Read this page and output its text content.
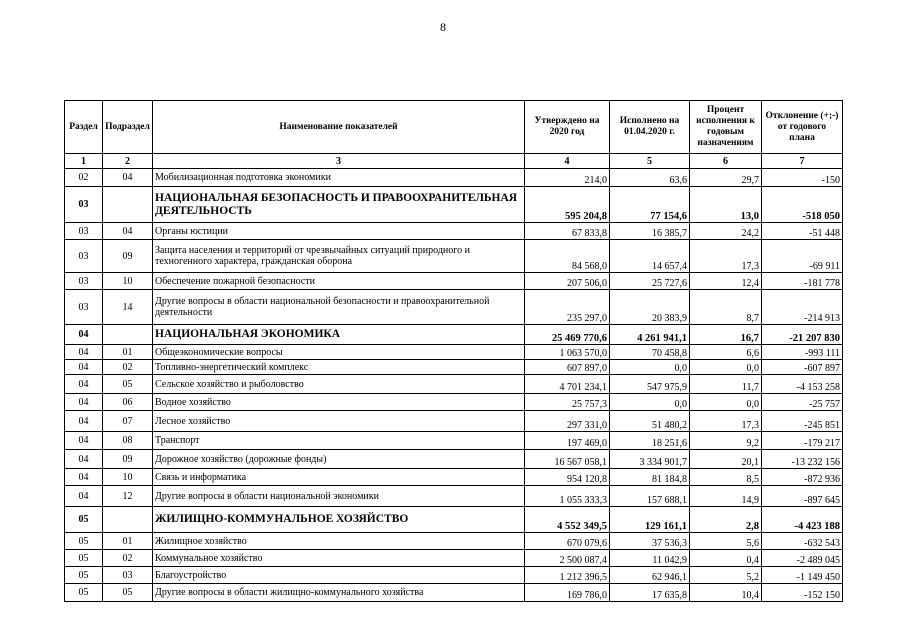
8
Раздел	Подраздел	Наименование показателей	Утверждено на 2020 год	Исполнено на 01.04.2020 г.	Процент исполнения к годовым назначениям	Отклонение (+;-) от годового плана
1	2	3	4	5	6	7
02	04	Мобилизационная подготовка экономики	214,0	63,6	29,7	-150
03		НАЦИОНАЛЬНАЯ БЕЗОПАСНОСТЬ И ПРАВООХРАНИТЕЛЬНАЯ ДЕЯТЕЛЬНОСТЬ	595 204,8	77 154,6	13,0	-518 050
03	04	Органы юстиции	67 833,8	16 385,7	24,2	-51 448
03	09	Защита населения и территорий от чрезвычайных ситуаций природного и техногенного характера, гражданская оборона	84 568,0	14 657,4	17,3	-69 911
03	10	Обеспечение пожарной безопасности	207 506,0	25 727,6	12,4	-181 778
03	14	Другие вопросы в области национальной безопасности и правоохранительной деятельности	235 297,0	20 383,9	8,7	-214 913
04		НАЦИОНАЛЬНАЯ ЭКОНОМИКА	25 469 770,6	4 261 941,1	16,7	-21 207 830
04	01	Общеэкономические вопросы	1 063 570,0	70 458,8	6,6	-993 111
04	02	Топливно-энергетический комплекс	607 897,0	0,0	0,0	-607 897
04	05	Сельское хозяйство и рыболовство	4 701 234,1	547 975,9	11,7	-4 153 258
04	06	Водное хозяйство	25 757,3	0,0	0,0	-25 757
04	07	Лесное хозяйство	297 331,0	51 480,2	17,3	-245 851
04	08	Транспорт	197 469,0	18 251,6	9,2	-179 217
04	09	Дорожное хозяйство (дорожные фонды)	16 567 058,1	3 334 901,7	20,1	-13 232 156
04	10	Связь и информатика	954 120,8	81 184,8	8,5	-872 936
04	12	Другие вопросы в области национальной экономики	1 055 333,3	157 688,1	14,9	-897 645
05		ЖИЛИЩНО-КОММУНАЛЬНОЕ ХОЗЯЙСТВО	4 552 349,5	129 161,1	2,8	-4 423 188
05	01	Жилищное хозяйство	670 079,6	37 536,3	5,6	-632 543
05	02	Коммунальное хозяйство	2 500 087,4	11 042,9	0,4	-2 489 045
05	03	Благоустройство	1 212 396,5	62 946,1	5,2	-1 149 450
05	05	Другие вопросы в области жилищно-коммунального хозяйства	169 786,0	17 635,8	10,4	-152 150
